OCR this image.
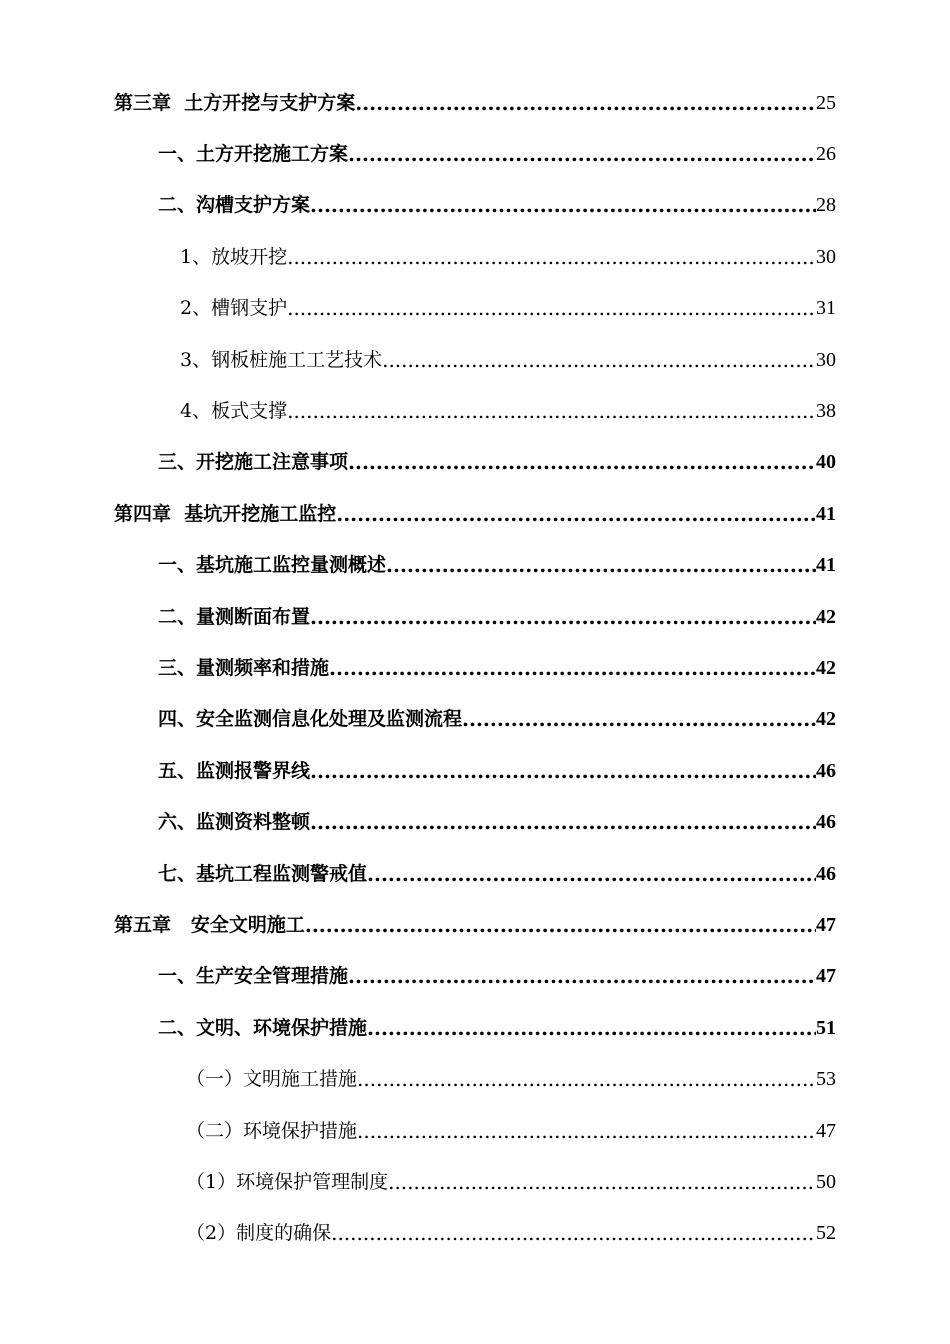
第三章  土方开挖与支护方案 .....	25
一、土方开挖施工方案 .....	26
二、沟槽支护方案 .....	28
1、放坡开挖 .....	30
2、槽钢支护 .....	31
3、钢板桩施工工艺技术 .....	30
4、板式支撑 .....	38
三、开挖施工注意事项 .....	40
第四章  基坑开挖施工监控 .....	41
一、基坑施工监控量测概述 .....	41
二、量测断面布置 .....	42
三、量测频率和措施 .....	42
四、安全监测信息化处理及监测流程 .....	42
五、监测报警界线 .....	46
六、监测资料整顿 .....	46
七、基坑工程监测警戒值 .....	46
第五章   安全文明施工 .....	47
一、生产安全管理措施 .....	47
二、文明、环境保护措施 .....	51
（一）文明施工措施 .....	53
（二）环境保护措施 .....	47
（1）环境保护管理制度 .....	50
（2）制度的确保 .....	52
